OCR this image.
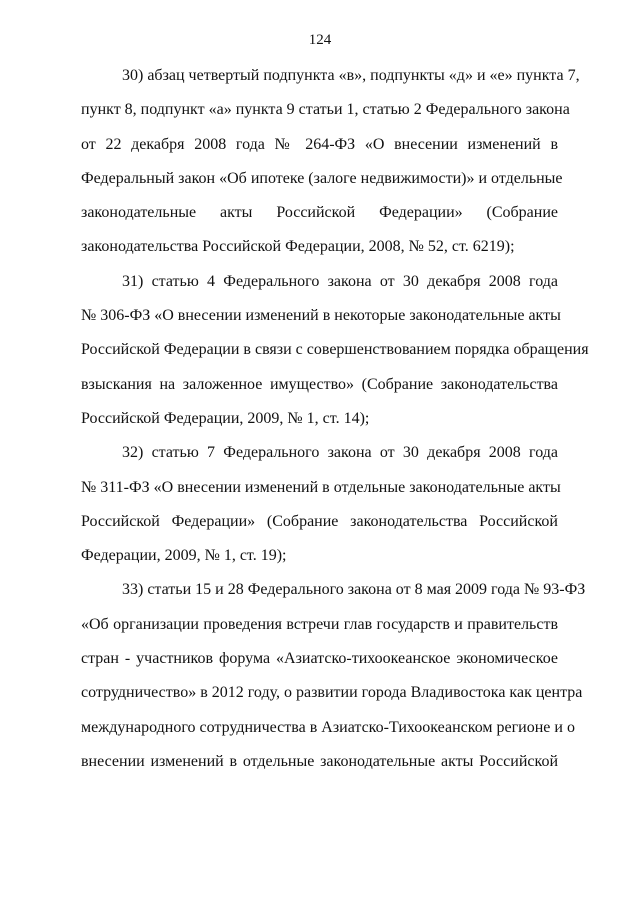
124
30) абзац четвертый подпункта «в», подпункты «д» и «е» пункта 7,
пункт 8, подпункт «а» пункта 9 статьи 1, статью 2 Федерального закона
от 22 декабря 2008 года № 264-ФЗ «О внесении изменений в
Федеральный закон «Об ипотеке (залоге недвижимости)» и отдельные
законодательные акты Российской Федерации» (Собрание
законодательства Российской Федерации, 2008, № 52, ст. 6219);
31) статью 4 Федерального закона от 30 декабря 2008 года
№ 306-ФЗ «О внесении изменений в некоторые законодательные акты
Российской Федерации в связи с совершенствованием порядка обращения
взыскания на заложенное имущество» (Собрание законодательства
Российской Федерации, 2009, № 1, ст. 14);
32) статью 7 Федерального закона от 30 декабря 2008 года
№ 311-ФЗ «О внесении изменений в отдельные законодательные акты
Российской Федерации» (Собрание законодательства Российской
Федерации, 2009, № 1, ст. 19);
33) статьи 15 и 28 Федерального закона от 8 мая 2009 года № 93-ФЗ
«Об организации проведения встречи глав государств и правительств
стран - участников форума «Азиатско-тихоокеанское экономическое
сотрудничество» в 2012 году, о развитии города Владивостока как центра
международного сотрудничества в Азиатско-Тихоокеанском регионе и о
внесении изменений в отдельные законодательные акты Российской
